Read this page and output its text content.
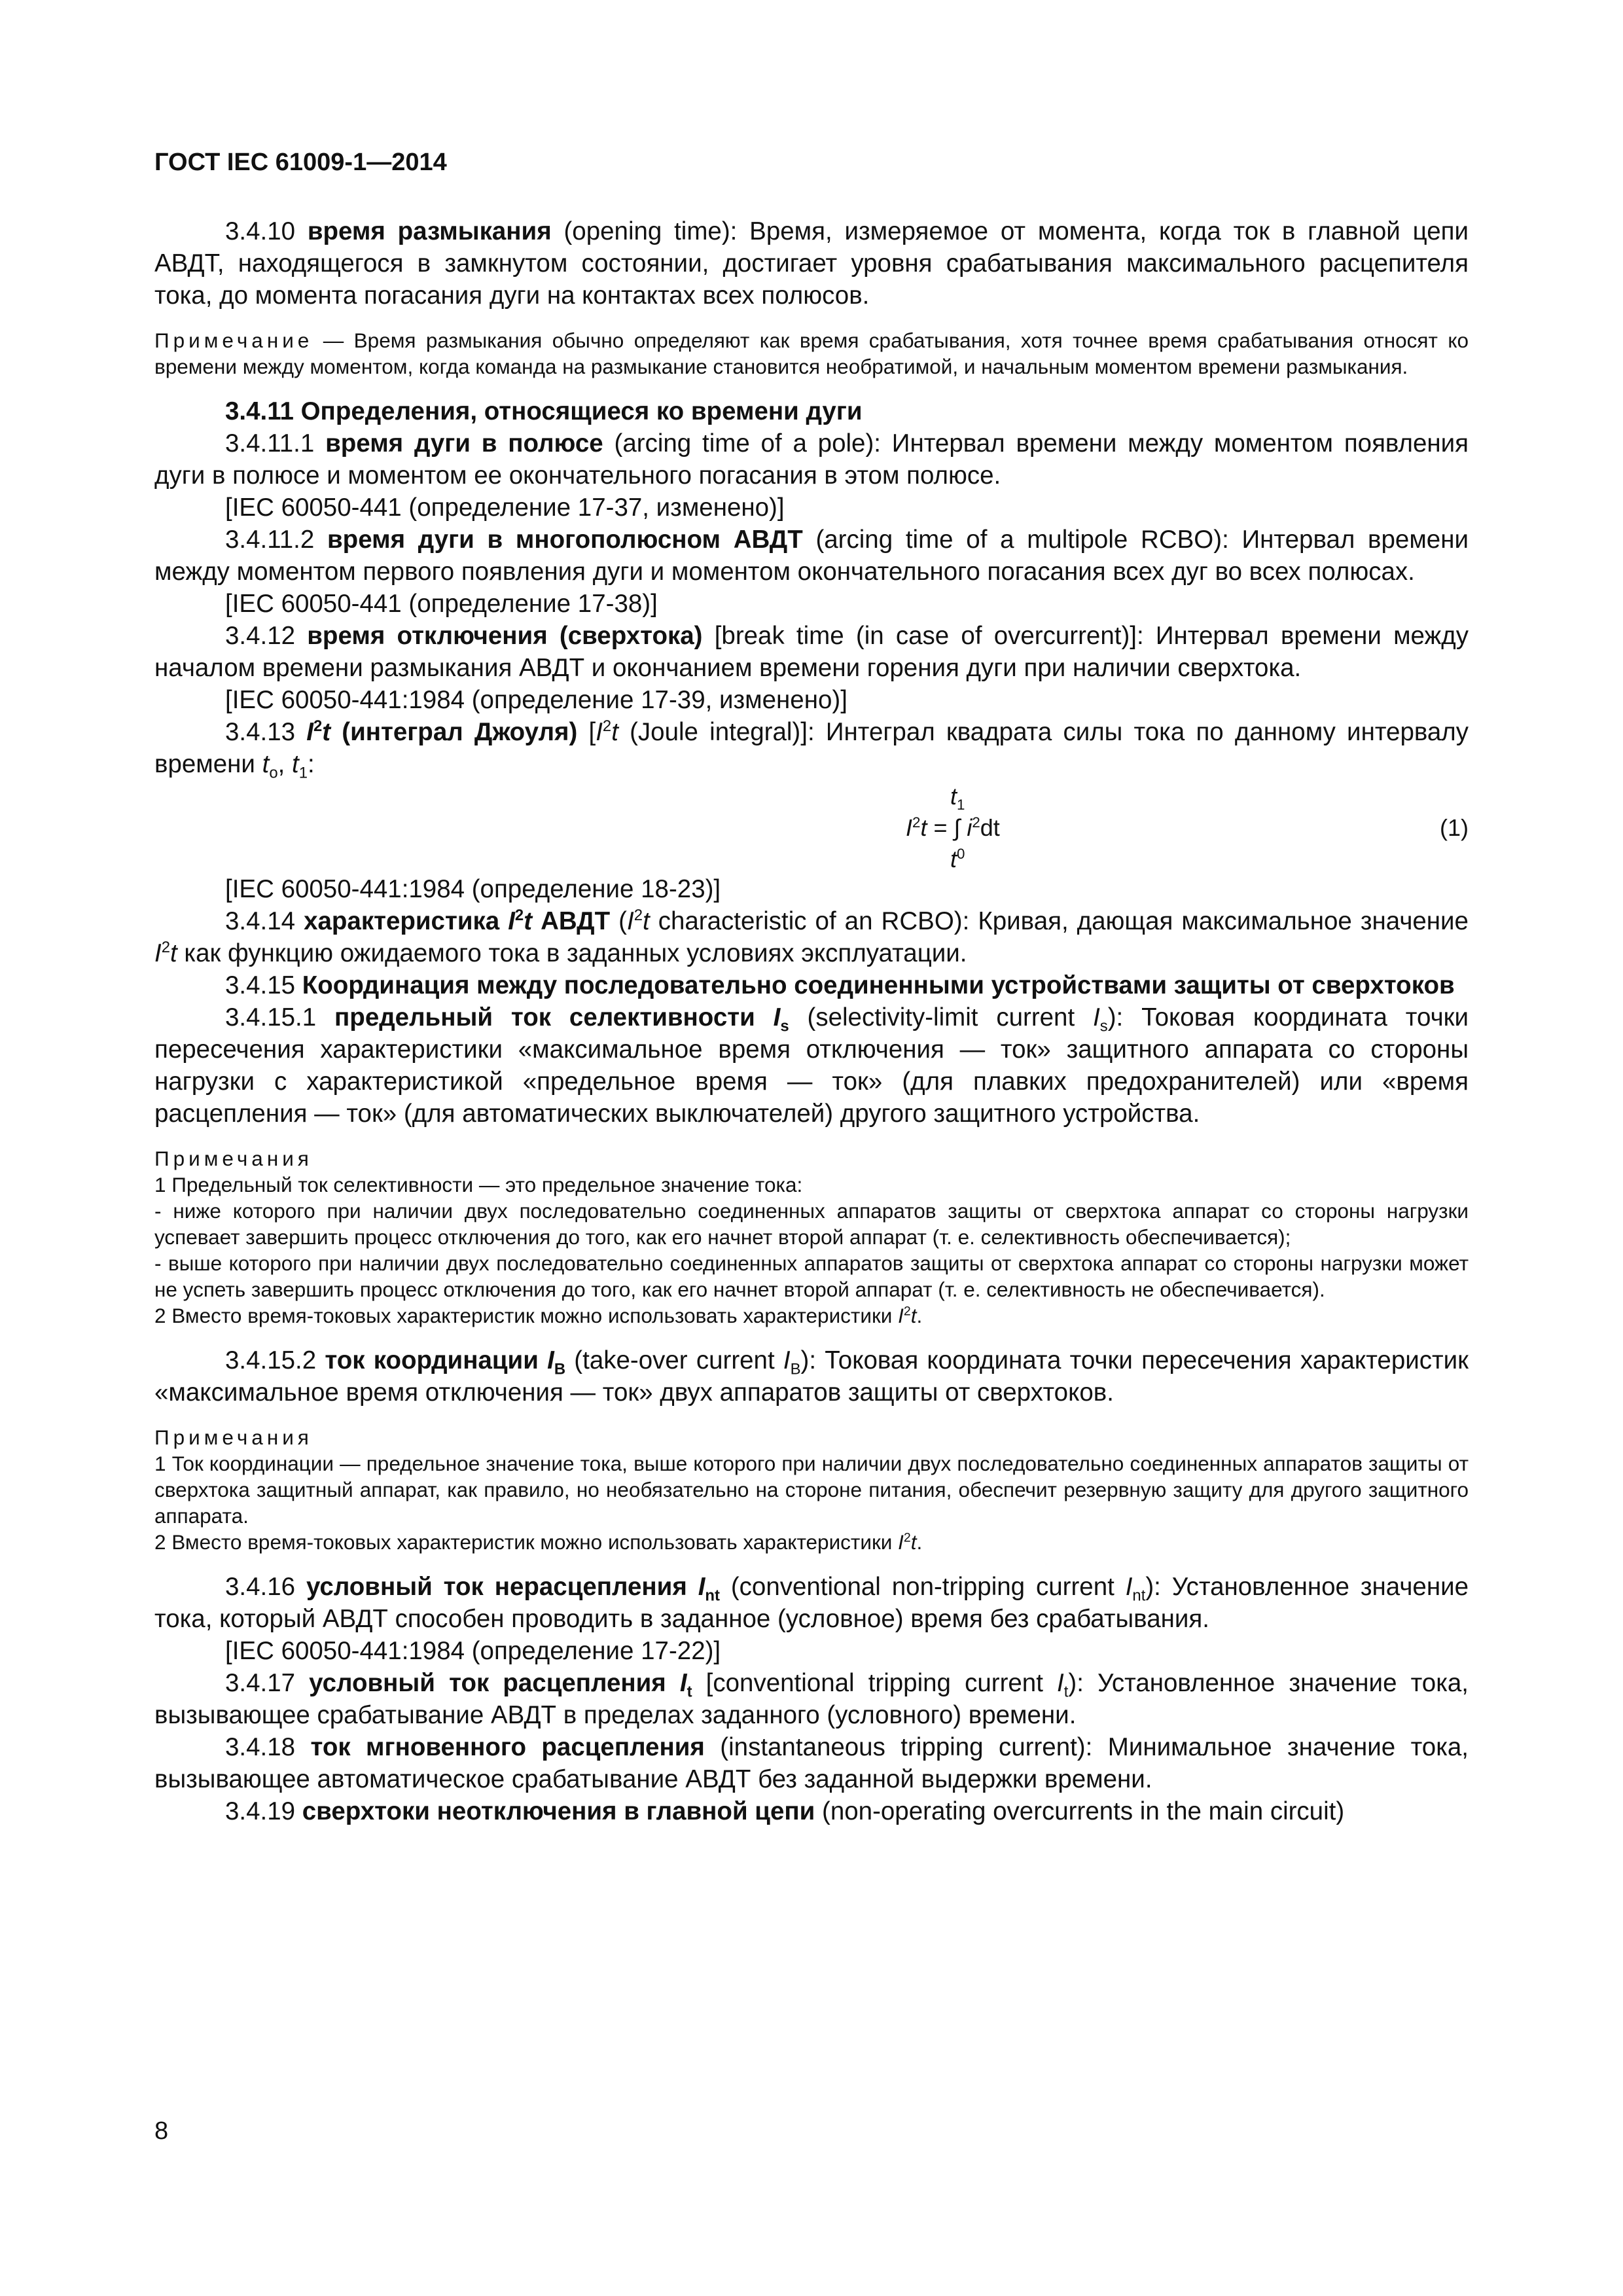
ГОСТ IEC 61009-1—2014

3.4.10 время размыкания (opening time): Время, измеряемое от момента, когда ток в главной цепи АВДТ, находящегося в замкнутом состоянии, достигает уровня срабатывания максимального расцепителя тока, до момента погасания дуги на контактах всех полюсов.

Примечание — Время размыкания обычно определяют как время срабатывания, хотя точнее время срабатывания относят ко времени между моментом, когда команда на размыкание становится необратимой, и начальным моментом времени размыкания.

3.4.11 Определения, относящиеся ко времени дуги

3.4.11.1 время дуги в полюсе (arcing time of a pole): Интервал времени между моментом появления дуги в полюсе и моментом ее окончательного погасания в этом полюсе.

[IEC 60050-441 (определение 17-37, изменено)]

3.4.11.2 время дуги в многополюсном АВДТ (arcing time of a multipole RCBO): Интервал времени между моментом первого появления дуги и моментом окончательного погасания всех дуг во всех полюсах.

[IEC 60050-441 (определение 17-38)]

3.4.12 время отключения (сверхтока) [break time (in case of overcurrent)]: Интервал времени между началом времени размыкания АВДТ и окончанием времени горения дуги при наличии сверхтока.

[IEC 60050-441:1984 (определение 17-39, изменено)]

3.4.13 $I^2t$ (интеграл Джоуля) [$I^2t$ (Joule integral)]: Интеграл квадрата силы тока по данному интервалу времени $t_o$, $t_1$:

$t_1$
$I^2t$ = ∫ $i^2dt$
$t^0$
(1)

[IEC 60050-441:1984 (определение 18-23)]

3.4.14 характеристика $I^2t$ АВДТ ($I^2t$ characteristic of an RCBO): Кривая, дающая максимальное значение $I^2t$ как функцию ожидаемого тока в заданных условиях эксплуатации.

3.4.15 Координация между последовательно соединенными устройствами защиты от сверхтоков

3.4.15.1 предельный ток селективности $I_s$ (selectivity-limit current $I_s$): Токовая координата точки пересечения характеристики «максимальное время отключения — ток» защитного аппарата со стороны нагрузки с характеристикой «предельное время — ток» (для плавких предохранителей) или «время расцепления — ток» (для автоматических выключателей) другого защитного устройства.

Примечания

1 Предельный ток селективности — это предельное значение тока:

- ниже которого при наличии двух последовательно соединенных аппаратов защиты от сверхтока аппарат со стороны нагрузки успевает завершить процесс отключения до того, как его начнет второй аппарат (т. е. селективность обеспечивается);

- выше которого при наличии двух последовательно соединенных аппаратов защиты от сверхтока аппарат со стороны нагрузки может не успеть завершить процесс отключения до того, как его начнет второй аппарат (т. е. селективность не обеспечивается).

2 Вместо время-токовых характеристик можно использовать характеристики $I^2t$.

3.4.15.2 ток координации $I_B$ (take-over current $I_B$): Токовая координата точки пересечения характеристик «максимальное время отключения — ток» двух аппаратов защиты от сверхтоков.

Примечания

1 Ток координации — предельное значение тока, выше которого при наличии двух последовательно соединенных аппаратов защиты от сверхтока защитный аппарат, как правило, но необязательно на стороне питания, обеспечит резервную защиту для другого защитного аппарата.

2 Вместо время-токовых характеристик можно использовать характеристики $I^2t$.

3.4.16 условный ток нерасцепления $I_{nt}$ (conventional non-tripping current $I_{nt}$): Установленное значение тока, который АВДТ способен проводить в заданное (условное) время без срабатывания.

[IEC 60050-441:1984 (определение 17-22)]

3.4.17 условный ток расцепления $I_t$ [conventional tripping current $I_t$): Установленное значение тока, вызывающее срабатывание АВДТ в пределах заданного (условного) времени.

3.4.18 ток мгновенного расцепления (instantaneous tripping current): Минимальное значение тока, вызывающее автоматическое срабатывание АВДТ без заданной выдержки времени.

3.4.19 сверхтоки неотключения в главной цепи (non-operating overcurrents in the main circuit)

8
